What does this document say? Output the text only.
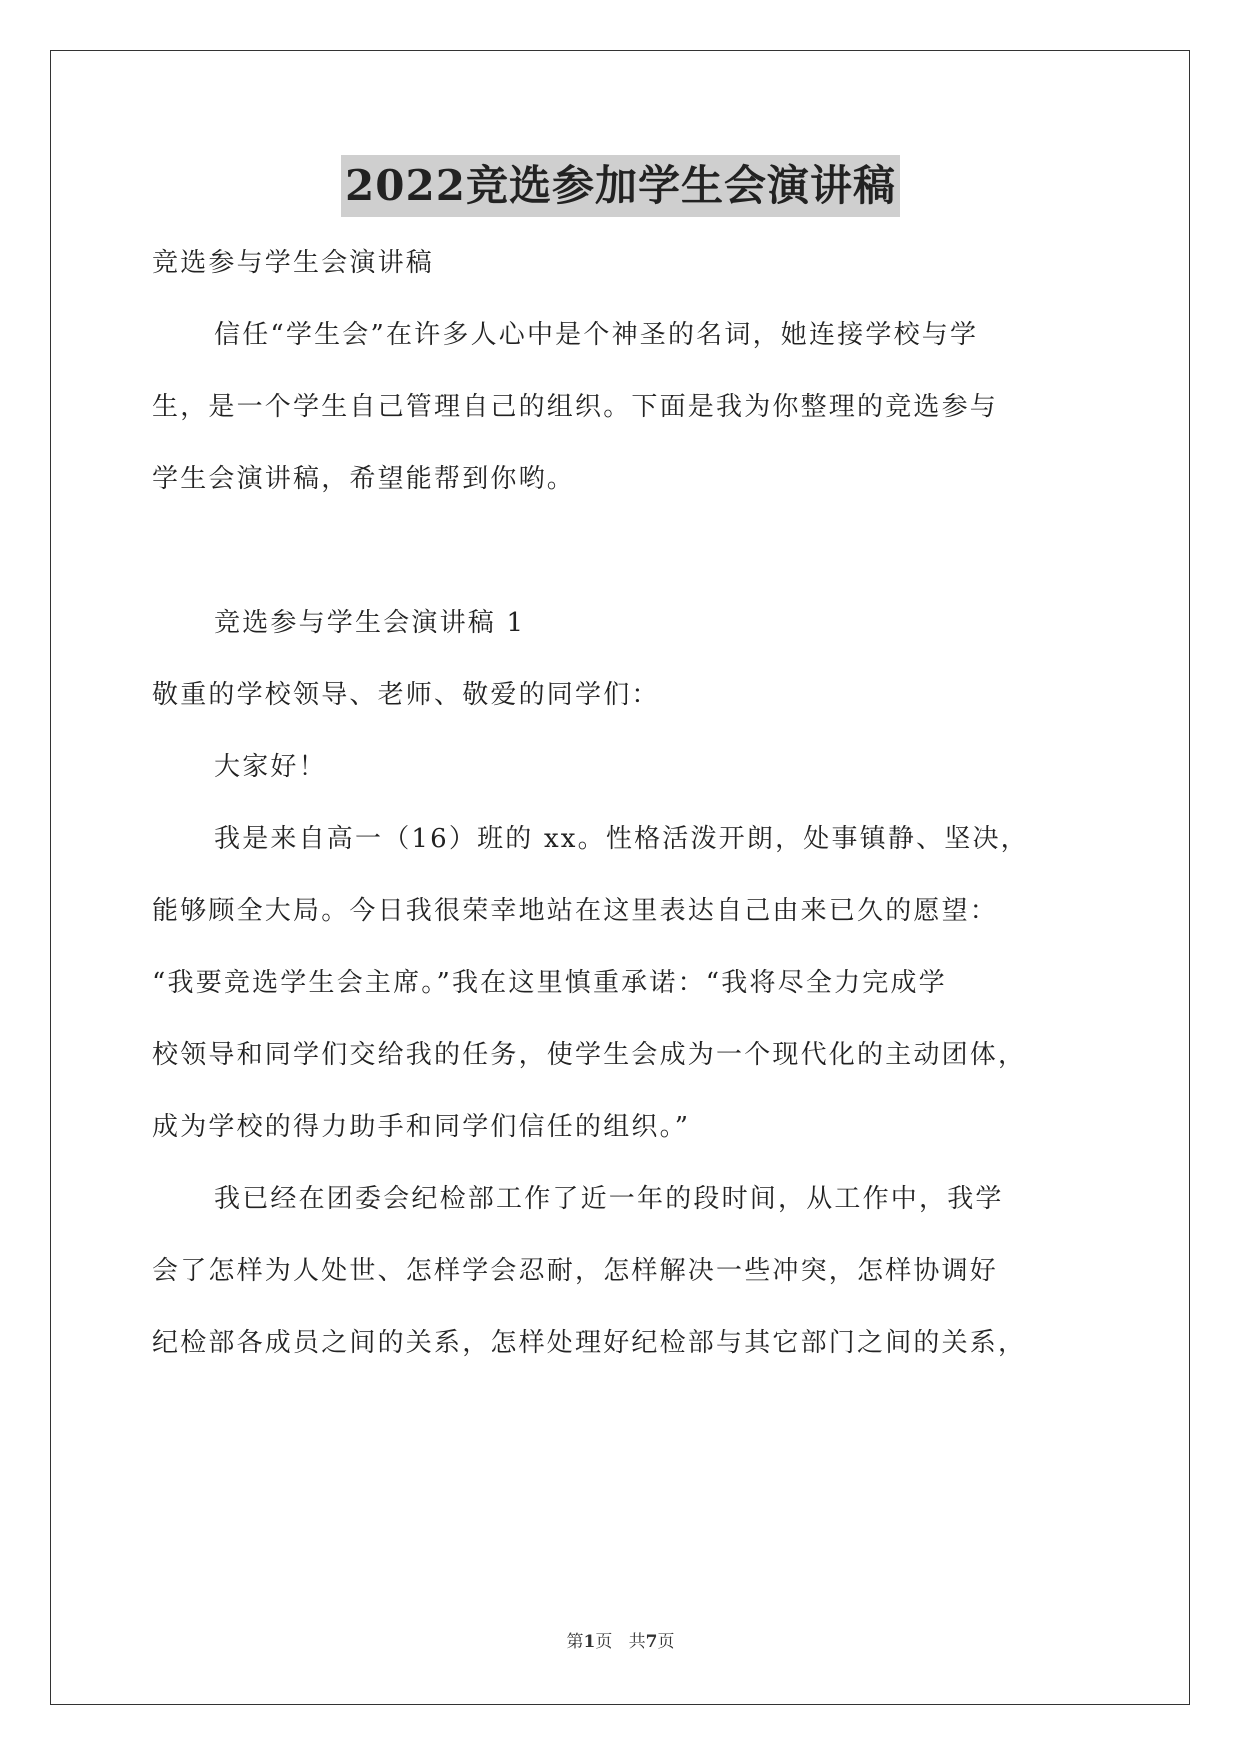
2022竞选参加学生会演讲稿
竞选参与学生会演讲稿
信任“学生会”在许多人心中是个神圣的名词，她连接学校与学
生，是一个学生自己管理自己的组织。下面是我为你整理的竞选参与
学生会演讲稿，希望能帮到你哟。
竞选参与学生会演讲稿 1
敬重的学校领导、老师、敬爱的同学们：
大家好！
我是来自高一（16）班的 xx。性格活泼开朗，处事镇静、坚决，
能够顾全大局。今日我很荣幸地站在这里表达自己由来已久的愿望：
“我要竞选学生会主席。”我在这里慎重承诺：“我将尽全力完成学
校领导和同学们交给我的任务，使学生会成为一个现代化的主动团体，
成为学校的得力助手和同学们信任的组织。”
我已经在团委会纪检部工作了近一年的段时间，从工作中，我学
会了怎样为人处世、怎样学会忍耐，怎样解决一些冲突，怎样协调好
纪检部各成员之间的关系，怎样处理好纪检部与其它部门之间的关系，
第1页 共7页
